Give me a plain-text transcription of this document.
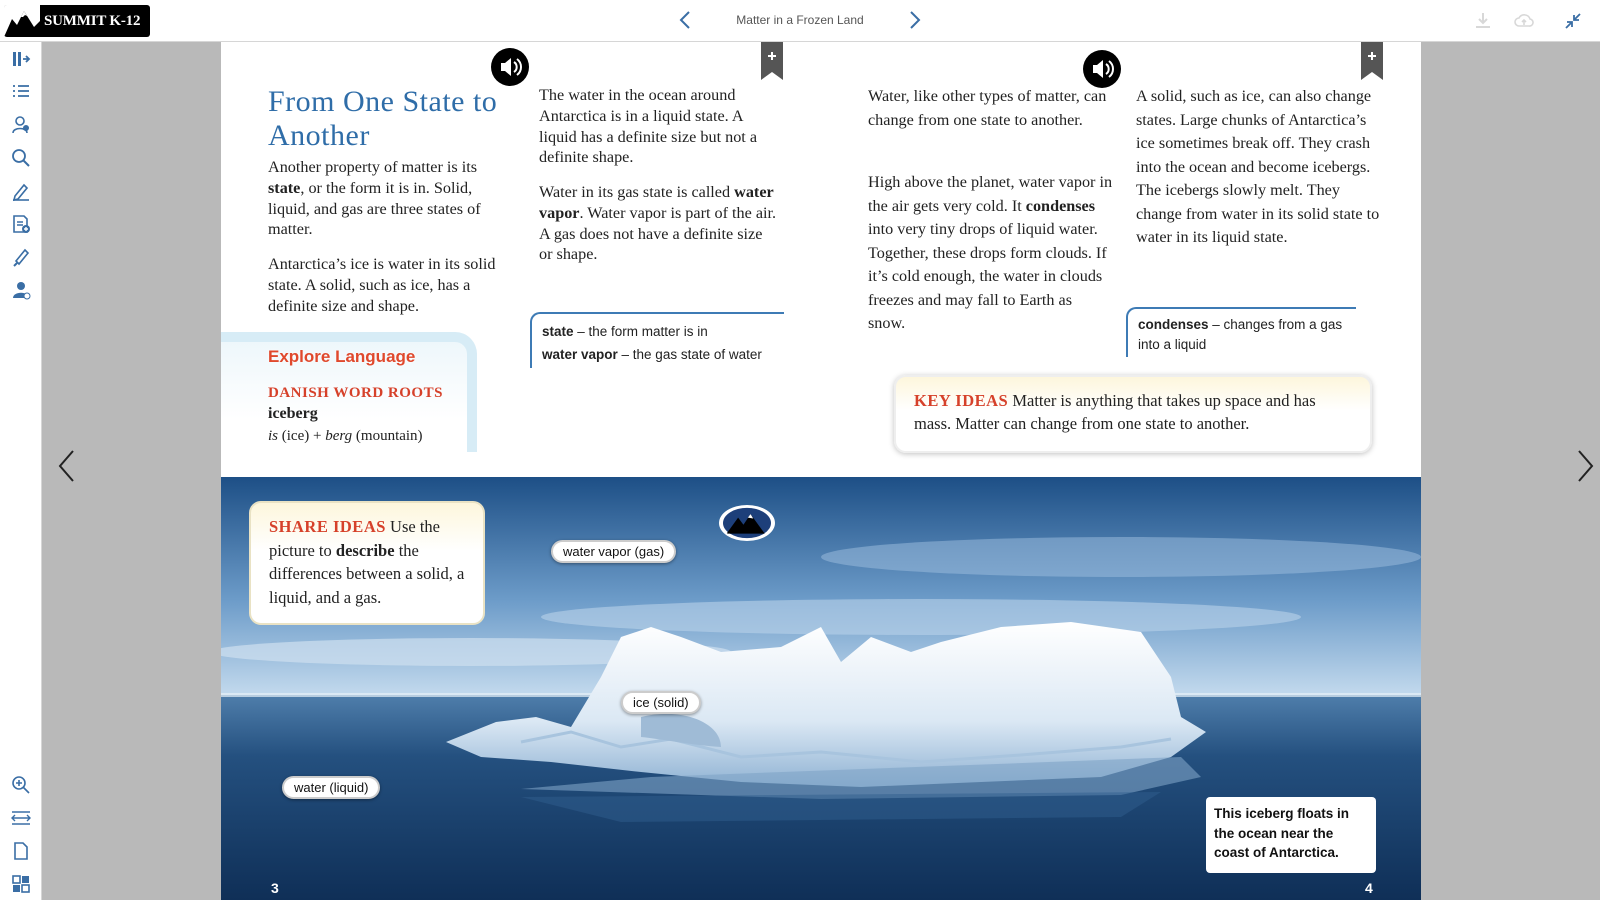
SUMMIT K-12	Matter in a Frozen Land
From One State to Another
Another property of matter is its state, or the form it is in. Solid, liquid, and gas are three states of matter.
Antarctica’s ice is water in its solid state. A solid, such as ice, has a definite size and shape.
The water in the ocean around Antarctica is in a liquid state. A liquid has a definite size but not a definite shape.
Water in its gas state is called water vapor. Water vapor is part of the air. A gas does not have a definite size or shape.
state – the form matter is in
water vapor – the gas state of water
Explore Language
DANISH WORD ROOTS
iceberg
is (ice) + berg (mountain)
Water, like other types of matter, can change from one state to another.
High above the planet, water vapor in the air gets very cold. It condenses into very tiny drops of liquid water. Together, these drops form clouds. If it’s cold enough, the water in clouds freezes and may fall to Earth as snow.
A solid, such as ice, can also change states. Large chunks of Antarctica’s ice sometimes break off. They crash into the ocean and become icebergs. The icebergs slowly melt. They change from water in its solid state to water in its liquid state.
condenses – changes from a gas into a liquid
KEY IDEAS Matter is anything that takes up space and has mass. Matter can change from one state to another.
SHARE IDEAS Use the picture to describe the differences between a solid, a liquid, and a gas.
water vapor (gas)
ice (solid)
water (liquid)
This iceberg floats in the ocean near the coast of Antarctica.
3	4
